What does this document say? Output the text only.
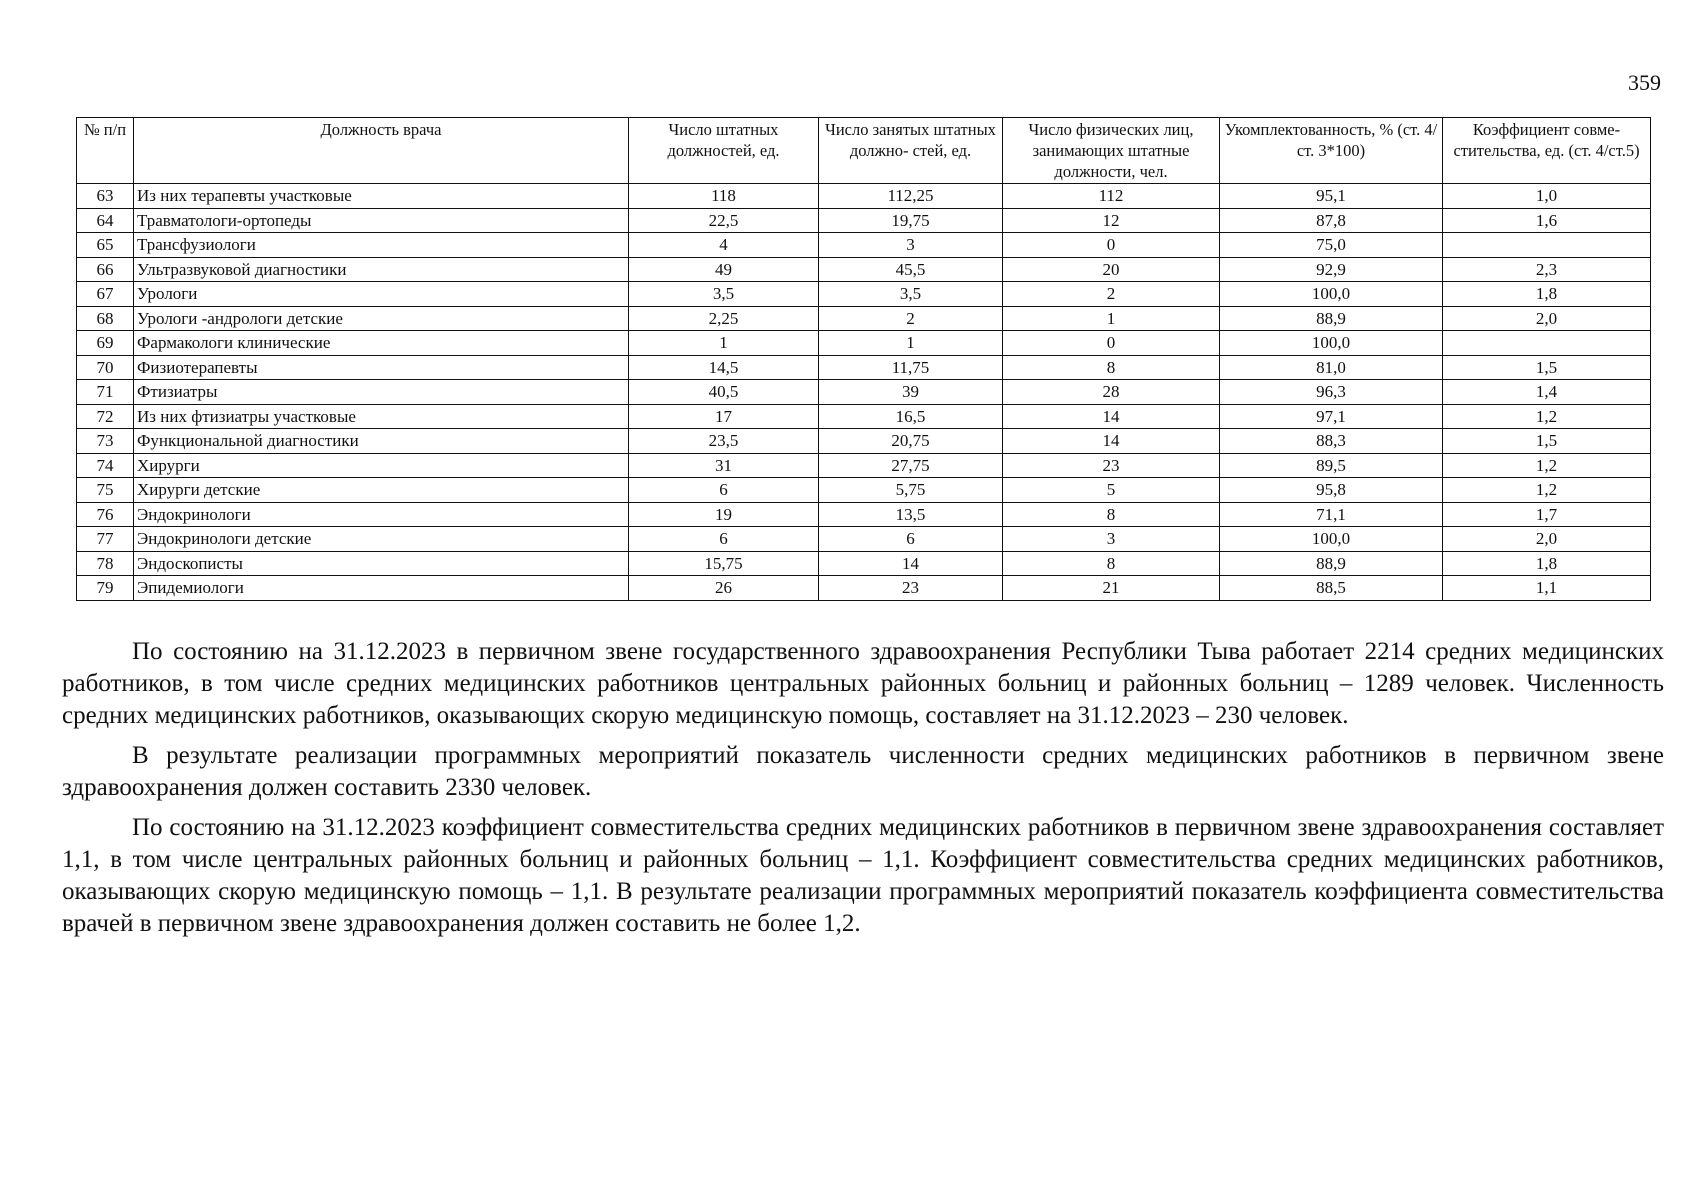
359
№ п/п	Должность врача	Число штатных должностей, ед.	Число занятых штатных должно- стей, ед.	Число физических лиц, занимающих штатные должности, чел.	Укомплектованность, % (ст. 4/ст. 3*100)	Коэффициент совме- стительства, ед. (ст. 4/ст.5)
63	Из них терапевты участковые	118	112,25	112	95,1	1,0
64	Травматологи-ортопеды	22,5	19,75	12	87,8	1,6
65	Трансфузиологи	4	3	0	75,0	
66	Ультразвуковой диагностики	49	45,5	20	92,9	2,3
67	Урологи	3,5	3,5	2	100,0	1,8
68	Урологи -андрологи детские	2,25	2	1	88,9	2,0
69	Фармакологи клинические	1	1	0	100,0	
70	Физиотерапевты	14,5	11,75	8	81,0	1,5
71	Фтизиатры	40,5	39	28	96,3	1,4
72	Из них фтизиатры участковые	17	16,5	14	97,1	1,2
73	Функциональной диагностики	23,5	20,75	14	88,3	1,5
74	Хирурги	31	27,75	23	89,5	1,2
75	Хирурги детские	6	5,75	5	95,8	1,2
76	Эндокринологи	19	13,5	8	71,1	1,7
77	Эндокринологи детские	6	6	3	100,0	2,0
78	Эндоскописты	15,75	14	8	88,9	1,8
79	Эпидемиологи	26	23	21	88,5	1,1

По состоянию на 31.12.2023 в первичном звене государственного здравоохранения Республики Тыва работает 2214 средних медицинских работников, в том числе средних медицинских работников центральных районных больниц и районных больниц – 1289 человек. Численность средних медицинских работников, оказывающих скорую медицинскую помощь, составляет на 31.12.2023 – 230 человек.

В результате реализации программных мероприятий показатель численности средних медицинских работников в первичном звене здравоохранения должен составить 2330 человек.

По состоянию на 31.12.2023 коэффициент совместительства средних медицинских работников в первичном звене здравоохранения составляет 1,1, в том числе центральных районных больниц и районных больниц – 1,1. Коэффициент совместительства средних медицинских работников, оказывающих скорую медицинскую помощь – 1,1. В результате реализации программных мероприятий показатель коэффициента совместительства врачей в первичном звене здравоохранения должен составить не более 1,2.
